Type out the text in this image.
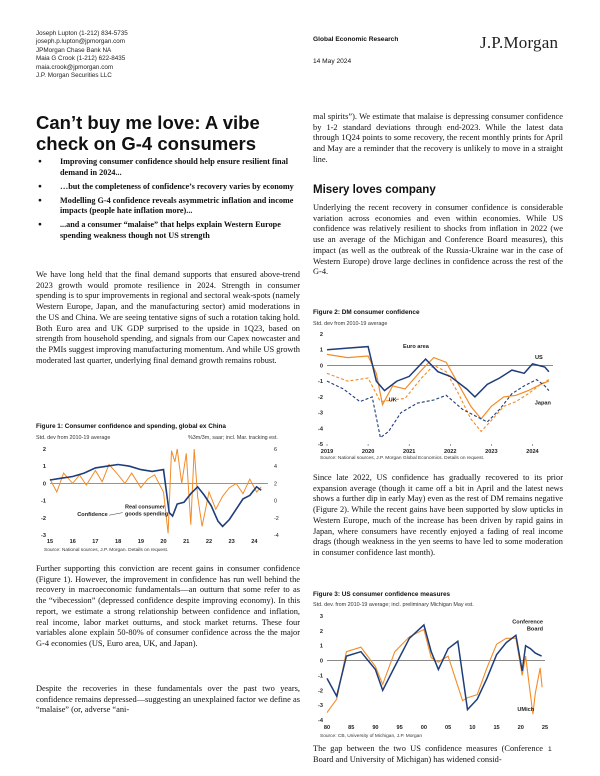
Joseph Lupton (1-212) 834-5735
joseph.p.lupton@jpmorgan.com
JPMorgan Chase Bank NA
Maia G Crook (1-212) 622-8435
maia.crook@jpmorgan.com
J.P. Morgan Securities LLC
Global Economic Research
14 May 2024
J.P.Morgan
Can’t buy me love: A vibe check on G-4 consumers
● Improving consumer confidence should help ensure resilient final demand in 2024...
● …but the completeness of confidence’s recovery varies by economy
● Modelling G-4 confidence reveals asymmetric inflation and income impacts (people hate inflation more)...
● ...and a consumer “malaise” that helps explain Western Europe spending weakness though not US strength
We have long held that the final demand supports that ensured above-trend 2023 growth would promote resilience in 2024. Strength in consumer spending is to spur improvements in regional and sectoral weak-spots (namely Western Europe, Japan, and the manufacturing sector) amid moderations in the US and China. We are seeing tentative signs of such a rotation taking hold. Both Euro area and UK GDP surprised to the upside in 1Q23, based on strength from household spending, and signals from our Capex nowcaster and the PMIs suggest improving manufacturing momentum. And while US growth moderated last quarter, underlying final demand growth remains robust.
Figure 1: Consumer confidence and spending, global ex China
Std. dev from 2010-19 average	%3m/3m, saar; incl. Mar. tracking est.
2
1
0
-1
-2
-3
6
4
2
0
-2
-4
15	16	17	18	19	20	21	22	23	24
Confidence
Real consumer
goods spending
Source: National sources, J.P. Morgan. Details on request.
Further supporting this conviction are recent gains in consumer confidence (Figure 1). However, the improvement in confidence has run well behind the recovery in macroeconomic fundamentals—an outturn that some refer to as the “vibecession” (depressed confidence despite improving economy). In this report, we estimate a strong relationship between confidence and inflation, real income, labor market outturns, and stock market returns. These four variables alone explain 50-80% of consumer confidence across the the major G-4 economies (US, Euro area, UK, and Japan).
Despite the recoveries in these fundamentals over the past two years, confidence remains depressed—suggesting an unexplained factor we define as “malaise” (or, adverse “ani-
mal spirits”). We estimate that malaise is depressing consumer confidence by 1-2 standard deviations through end-2023. While the latest data through 1Q24 points to some recovery, the recent monthly prints for April and May are a reminder that the recovery is unlikely to move in a straight line.
Misery loves company
Underlying the recent recovery in consumer confidence is considerable variation across economies and even within economies. While US confidence was relatively resilient to shocks from inflation in 2022 (we use an average of the Michigan and Conference Board measures), this impact (as well as the outbreak of the Russia-Ukraine war in the case of Western Europe) drove large declines in confidence across the rest of the G-4.
Figure 2: DM consumer confidence
Std. dev from 2010-19 average
2
1
0
-1
-2
-3
-4
-5
2019	2020	2021	2022	2023	2024
Euro area
US
UK
Japan
Source: National sources, J.P. Morgan Global Economics. Details on request.
Since late 2022, US confidence has gradually recovered to its prior expansion average (though it came off a bit in April and the latest news shows a further dip in early May) even as the rest of DM remains negative (Figure 2). While the recent gains have been supported by slow upticks in Western Europe, much of the increase has been driven by rapid gains in Japan, where consumers have recently enjoyed a fading of real income drags (though weakness in the yen seems to have led to some moderation in consumer confidence last month).
Figure 3: US consumer confidence measures
Std. dev. from 2010-19 average; incl. preliminary Michigan May est.
3
2
1
0
-1
-2
-3
-4
80	85	90	95	00	05	10	15	20	25
Conference
Board
UMich
Source: CB, University of Michigan, J.P. Morgan
The gap between the two US confidence measures (Conference Board and University of Michigan) has widened consid-
1
